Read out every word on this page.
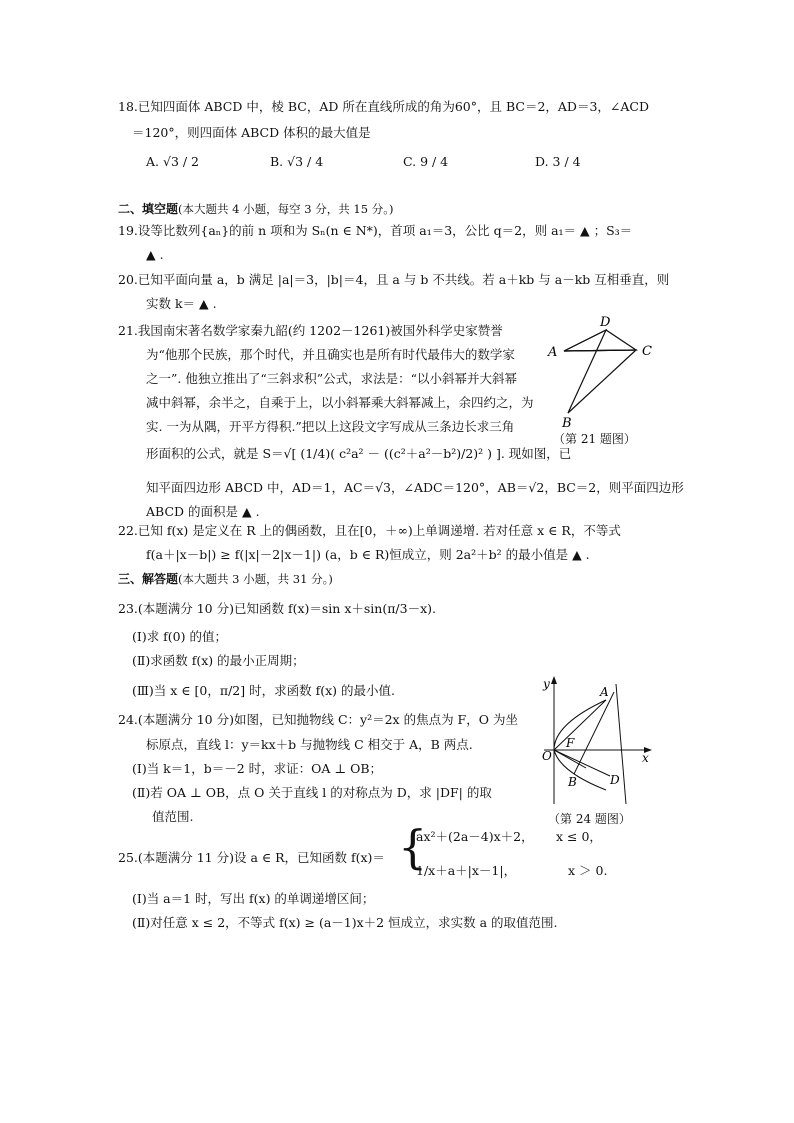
18.已知四面体 ABCD 中，棱 BC，AD 所在直线所成的角为60°，且 BC＝2，AD＝3，∠ACD
＝120°，则四面体 ABCD 体积的最大值是
A. √3 / 2	B. √3 / 4	C. 9 / 4	D. 3 / 4
二、填空题(本大题共 4 小题，每空 3 分，共 15 分。)
19.设等比数列{aₙ}的前 n 项和为 Sₙ(n ∈ N*)，首项 a₁＝3，公比 q＝2，则 a₁＝ ▲ ；S₃＝
▲ .
20.已知平面向量 a，b 满足 |a|＝3，|b|＝4，且 a 与 b 不共线。若 a＋kb 与 a－kb 互相垂直，则
实数 k＝ ▲ .
21.我国南宋著名数学家秦九韶(约 1202－1261)被国外科学史家赞誉
为“他那个民族，那个时代，并且确实也是所有时代最伟大的数学家
之一”. 他独立推出了“三斜求积”公式，求法是：“以小斜幂并大斜幂
减中斜幂，余半之，自乘于上，以小斜幂乘大斜幂减上，余四约之，为
实. 一为从隅，开平方得积.”把以上这段文字写成从三条边长求三角
形面积的公式，就是 S＝√[ (1/4)( c²a² － ((c²＋a²－b²)/2)² ) ]. 现如图，已
知平面四边形 ABCD 中，AD＝1，AC＝√3，∠ADC＝120°，AB＝√2，BC＝2，则平面四边形
ABCD 的面积是 ▲ .
D
A	C
B
（第 21 题图）
22.已知 f(x) 是定义在 R 上的偶函数，且在[0，＋∞)上单调递增. 若对任意 x ∈ R，不等式
f(a＋|x－b|) ≥ f(|x|－2|x－1|) (a，b ∈ R)恒成立，则 2a²＋b² 的最小值是 ▲ .
三、解答题(本大题共 3 小题，共 31 分。)
23.(本题满分 10 分)已知函数 f(x)＝sin x＋sin(π/3－x).
(Ⅰ)求 f(0) 的值；
(Ⅱ)求函数 f(x) 的最小正周期；
(Ⅲ)当 x ∈ [0，π/2] 时，求函数 f(x) 的最小值.
24.(本题满分 10 分)如图，已知抛物线 C：y²＝2x 的焦点为 F，O 为坐
标原点，直线 l：y＝kx＋b 与抛物线 C 相交于 A，B 两点.
(Ⅰ)当 k＝1，b＝－2 时，求证：OA ⊥ OB；
(Ⅱ)若 OA ⊥ OB，点 O 关于直线 l 的对称点为 D，求 |DF| 的取
值范围.
y
A
F
O	x
B	D
（第 24 题图）
25.(本题满分 11 分)设 a ∈ R，已知函数 f(x)＝ {
ax²＋(2a－4)x＋2， x ≤ 0，
1/x＋a＋|x－1|，	x ＞ 0.
(Ⅰ)当 a＝1 时，写出 f(x) 的单调递增区间；
(Ⅱ)对任意 x ≤ 2，不等式 f(x) ≥ (a－1)x＋2 恒成立，求实数 a 的取值范围.
